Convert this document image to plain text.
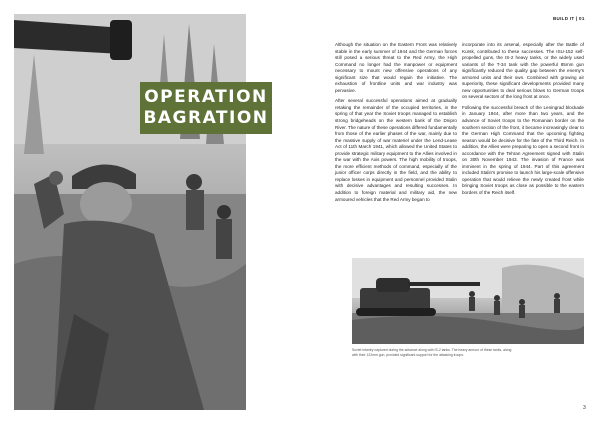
OPERATION
BAGRATION
BUILD IT | 01

Although the situation on the Eastern Front was relatively stable in the early summer of 1944 and the German forces still posed a serious threat to the Red Army, the High Command no longer had the manpower or equipment necessary to mount new offensive operations of any significant size that would regain the initiative. The exhaustion of frontline units and war industry was pervasive.

After several successful operations aimed at gradually retaking the remainder of the occupied territories, in the spring of that year the Soviet troops managed to establish strong bridgeheads on the western bank of the Dnipro River. The nature of these operations differed fundamentally from those of the earlier phases of the war, mainly due to the massive supply of war materiel under the Lend-Lease Act of 11th March 1941, which allowed the United States to provide strategic military equipment to the Allies involved in the war with the Axis powers. The high mobility of troops, the more efficient methods of command, especially of the junior officer corps directly in the field, and the ability to replace losses in equipment and personnel provided Stalin with decisive advantages and resulting successes. In addition to foreign material and military aid, the new armoured vehicles that the Red Army began to

incorporate into its arsenal, especially after the Battle of Kursk, contributed to these successes. The ISU-152 self-propelled guns, the IS-2 heavy tanks, or the widely used variants of the T-34 tank with the powerful 85mm gun significantly reduced the quality gap between the enemy's armored units and their own. Combined with growing air superiority, these significant developments provided many new opportunities to deal serious blows to German troops on several sectors of the long front at once.

Following the successful breach of the Leningrad blockade in January 1944, after more than two years, and the advance of Soviet troops to the Romanian border on the southern section of the front, it became increasingly clear to the German High Command that the upcoming fighting season would be decisive for the fate of the Third Reich. In addition, the Allies were preparing to open a second front in accordance with the Tehran Agreement signed with Stalin on 30th November 1943. The invasion of France was imminent in the spring of 1944. Part of this agreement included Stalin's promise to launch his large-scale offensive operation that would relieve the newly created front while bringing Soviet troops as close as possible to the eastern borders of the Reich itself.

Soviet infantry captured during the advance along with IS-2 tanks. The heavy armour of these tanks, along with their 122mm gun, provided significant support for the attacking troops.
3
